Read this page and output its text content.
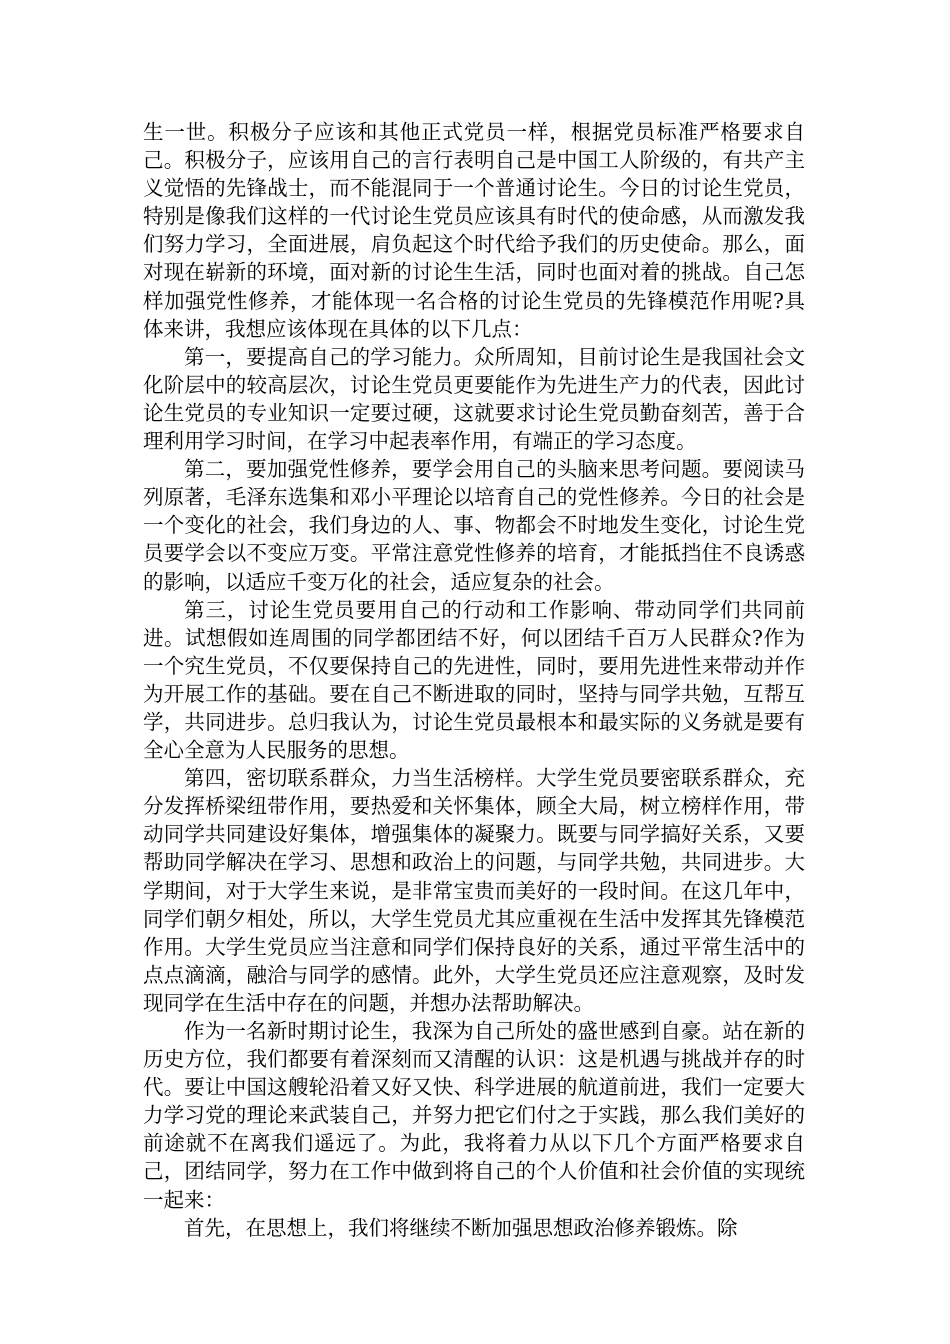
生一世。积极分子应该和其他正式党员一样，根据党员标准严格要求自己。积极分子，应该用自己的言行表明自己是中国工人阶级的，有共产主义觉悟的先锋战士，而不能混同于一个普通讨论生。今日的讨论生党员，特别是像我们这样的一代讨论生党员应该具有时代的使命感，从而激发我们努力学习，全面进展，肩负起这个时代给予我们的历史使命。那么，面对现在崭新的环境，面对新的讨论生生活，同时也面对着的挑战。自己怎样加强党性修养，才能体现一名合格的讨论生党员的先锋模范作用呢?具体来讲，我想应该体现在具体的以下几点：

第一，要提高自己的学习能力。众所周知，目前讨论生是我国社会文化阶层中的较高层次，讨论生党员更要能作为先进生产力的代表，因此讨论生党员的专业知识一定要过硬，这就要求讨论生党员勤奋刻苦，善于合理利用学习时间，在学习中起表率作用，有端正的学习态度。

第二，要加强党性修养，要学会用自己的头脑来思考问题。要阅读马列原著，毛泽东选集和邓小平理论以培育自己的党性修养。今日的社会是一个变化的社会，我们身边的人、事、物都会不时地发生变化，讨论生党员要学会以不变应万变。平常注意党性修养的培育，才能抵挡住不良诱惑的影响，以适应千变万化的社会，适应复杂的社会。

第三，讨论生党员要用自己的行动和工作影响、带动同学们共同前进。试想假如连周围的同学都团结不好，何以团结千百万人民群众?作为一个究生党员，不仅要保持自己的先进性，同时，要用先进性来带动并作为开展工作的基础。要在自己不断进取的同时，坚持与同学共勉，互帮互学，共同进步。总归我认为，讨论生党员最根本和最实际的义务就是要有全心全意为人民服务的思想。

第四，密切联系群众，力当生活榜样。大学生党员要密联系群众，充分发挥桥梁纽带作用，要热爱和关怀集体，顾全大局，树立榜样作用，带动同学共同建设好集体，增强集体的凝聚力。既要与同学搞好关系，又要帮助同学解决在学习、思想和政治上的问题，与同学共勉，共同进步。大学期间，对于大学生来说，是非常宝贵而美好的一段时间。在这几年中，同学们朝夕相处，所以，大学生党员尤其应重视在生活中发挥其先锋模范作用。大学生党员应当注意和同学们保持良好的关系，通过平常生活中的点点滴滴，融洽与同学的感情。此外，大学生党员还应注意观察，及时发现同学在生活中存在的问题，并想办法帮助解决。

作为一名新时期讨论生，我深为自己所处的盛世感到自豪。站在新的历史方位，我们都要有着深刻而又清醒的认识：这是机遇与挑战并存的时代。要让中国这艘轮沿着又好又快、科学进展的航道前进，我们一定要大力学习党的理论来武装自己，并努力把它们付之于实践，那么我们美好的前途就不在离我们遥远了。为此，我将着力从以下几个方面严格要求自己，团结同学，努力在工作中做到将自己的个人价值和社会价值的实现统一起来：

首先，在思想上，我们将继续不断加强思想政治修养锻炼。除
